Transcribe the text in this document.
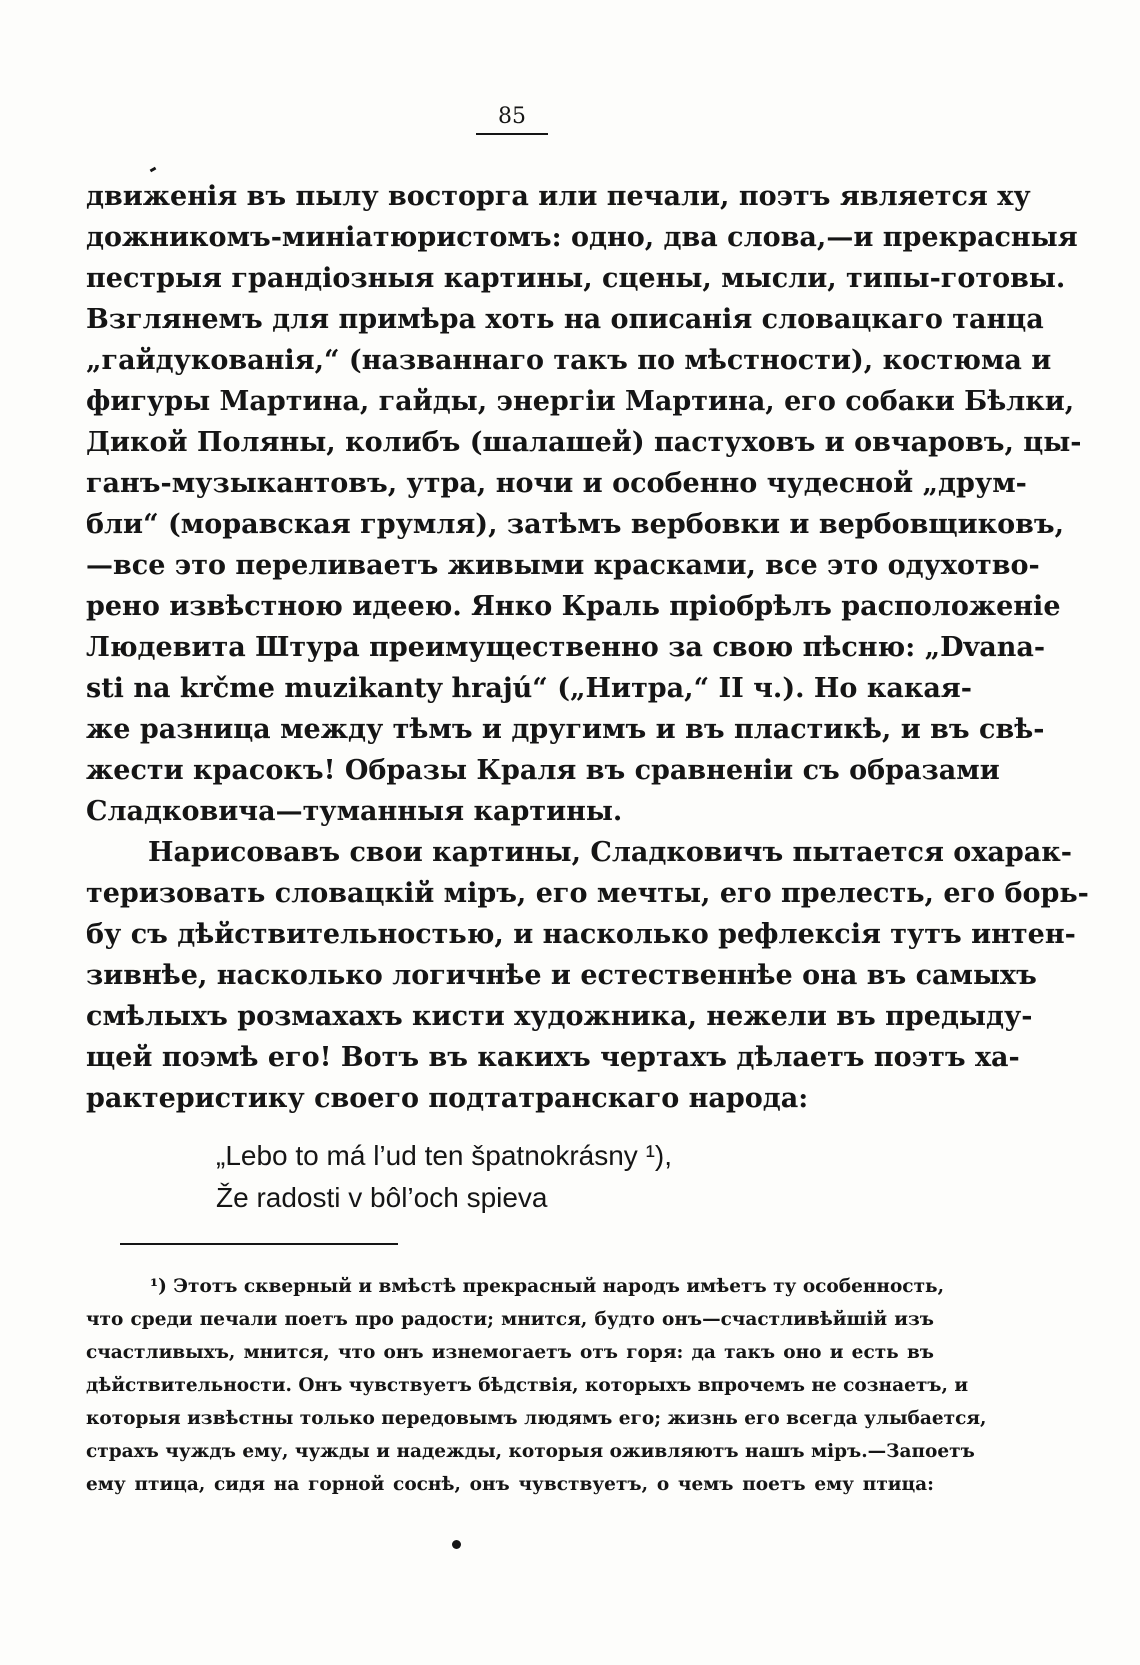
85
движенія въ пылу восторга или печали, поэтъ является ху
дожникомъ-миніатюристомъ: одно, два слова,—и прекрасныя
пестрыя грандіозныя картины, сцены, мысли, типы-готовы.
Взглянемъ для примѣра хоть на описанія словацкаго танца
„гайдукованія,“ (названнаго такъ по мѣстности), костюма и
фигуры Мартина, гайды, энергіи Мартина, его собаки Бѣлки,
Дикой Поляны, колибъ (шалашей) пастуховъ и овчаровъ, цы-
ганъ-музыкантовъ, утра, ночи и особенно чудесной „друм-
бли“ (моравская грумля), затѣмъ вербовки и вербовщиковъ,
—все это переливаетъ живыми красками, все это одухотво-
рено извѣстною идеею. Янко Краль пріобрѣлъ расположеніе
Людевита Штура преимущественно за свою пѣсню: „Dvana-
sti na krčme muzikanty hrajú“ („Нитра,“ II ч.). Но какая-
же разница между тѣмъ и другимъ и въ пластикѣ, и въ свѣ-
жести красокъ! Образы Краля въ сравненіи съ образами
Сладковича—туманныя картины.
Нарисовавъ свои картины, Сладковичъ пытается охарак-
теризовать словацкій міръ, его мечты, его прелесть, его борь-
бу съ дѣйствительностью, и насколько рефлексія тутъ интен-
зивнѣе, насколько логичнѣе и естественнѣе она въ самыхъ
смѣлыхъ розмахахъ кисти художника, нежели въ предыду-
щей поэмѣ его! Вотъ въ какихъ чертахъ дѣлаетъ поэтъ ха-
рактеристику своего подтатранскаго народа:
„Lebo to má l’ud ten špatnokrásny ¹),
Že radosti v bôl’och spieva
¹) Этотъ скверный и вмѣстѣ прекрасный народъ имѣетъ ту особенность,
что среди печали поетъ про радости; мнится, будто онъ—счастливѣйшій изъ
счастливыхъ, мнится, что онъ изнемогаетъ отъ горя: да такъ оно и есть въ
дѣйствительности. Онъ чувствуетъ бѣдствія, которыхъ впрочемъ не сознаетъ, и
которыя извѣстны только передовымъ людямъ его; жизнь его всегда улыбается,
страхъ чуждъ ему, чужды и надежды, которыя оживляютъ нашъ міръ.—Запоетъ
ему птица, сидя на горной соснѣ, онъ чувствуетъ, о чемъ поетъ ему птица:
